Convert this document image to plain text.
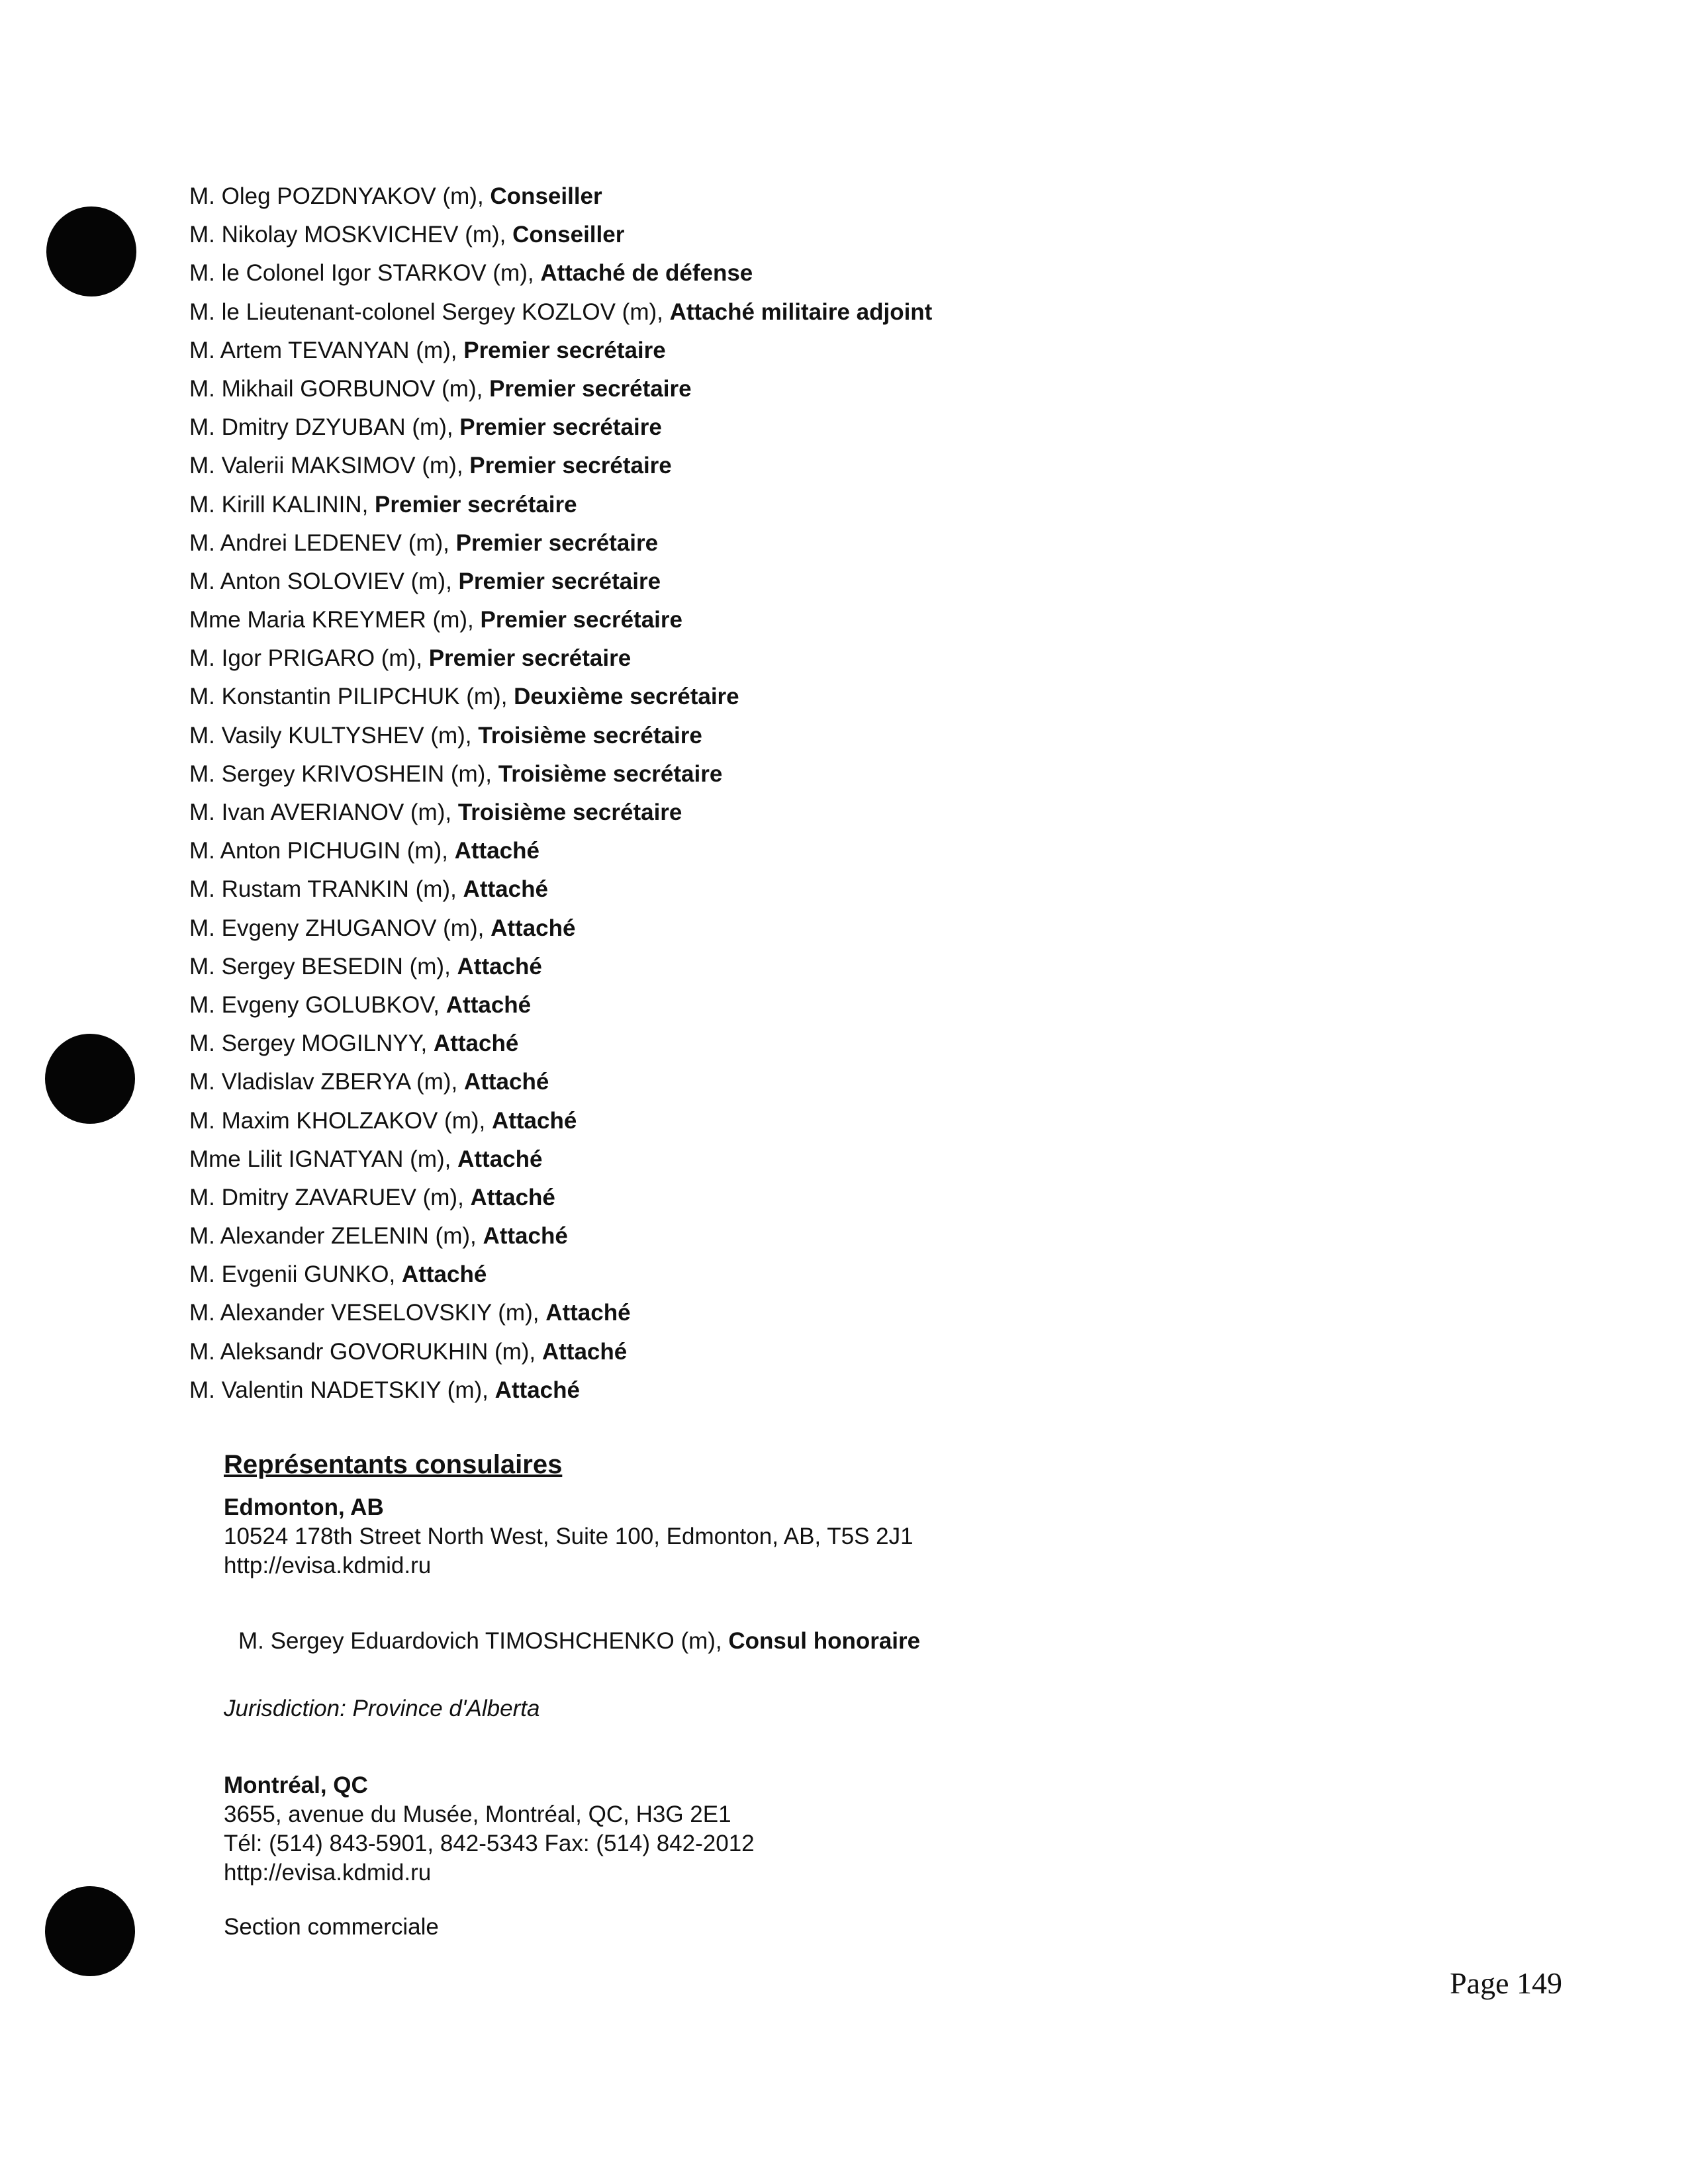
M. Oleg POZDNYAKOV (m), Conseiller
M. Nikolay MOSKVICHEV (m), Conseiller
M. le Colonel Igor STARKOV (m), Attaché de défense
M. le Lieutenant-colonel Sergey KOZLOV (m), Attaché militaire adjoint
M. Artem TEVANYAN (m), Premier secrétaire
M. Mikhail GORBUNOV (m), Premier secrétaire
M. Dmitry DZYUBAN (m), Premier secrétaire
M. Valerii MAKSIMOV (m), Premier secrétaire
M. Kirill KALININ, Premier secrétaire
M. Andrei LEDENEV (m), Premier secrétaire
M. Anton SOLOVIEV (m), Premier secrétaire
Mme Maria KREYMER (m), Premier secrétaire
M. Igor PRIGARO (m), Premier secrétaire
M. Konstantin PILIPCHUK (m), Deuxième secrétaire
M. Vasily KULTYSHEV (m), Troisième secrétaire
M. Sergey KRIVOSHEIN (m), Troisième secrétaire
M. Ivan AVERIANOV (m), Troisième secrétaire
M. Anton PICHUGIN (m), Attaché
M. Rustam TRANKIN (m), Attaché
M. Evgeny ZHUGANOV (m), Attaché
M. Sergey BESEDIN (m), Attaché
M. Evgeny GOLUBKOV, Attaché
M. Sergey MOGILNYY, Attaché
M. Vladislav ZBERYA (m), Attaché
M. Maxim KHOLZAKOV (m), Attaché
Mme Lilit IGNATYAN (m), Attaché
M. Dmitry ZAVARUEV (m), Attaché
M. Alexander ZELENIN (m), Attaché
M. Evgenii GUNKO, Attaché
M. Alexander VESELOVSKIY (m), Attaché
M. Aleksandr GOVORUKHIN (m), Attaché
M. Valentin NADETSKIY (m), Attaché
Représentants consulaires
Edmonton, AB
10524 178th Street North West, Suite 100, Edmonton, AB, T5S 2J1
http://evisa.kdmid.ru
M. Sergey Eduardovich TIMOSHCHENKO (m), Consul honoraire
Jurisdiction: Province d'Alberta
Montréal, QC
3655, avenue du Musée, Montréal, QC, H3G 2E1
Tél: (514) 843-5901, 842-5343 Fax: (514) 842-2012
http://evisa.kdmid.ru
Section commerciale
Page 149
